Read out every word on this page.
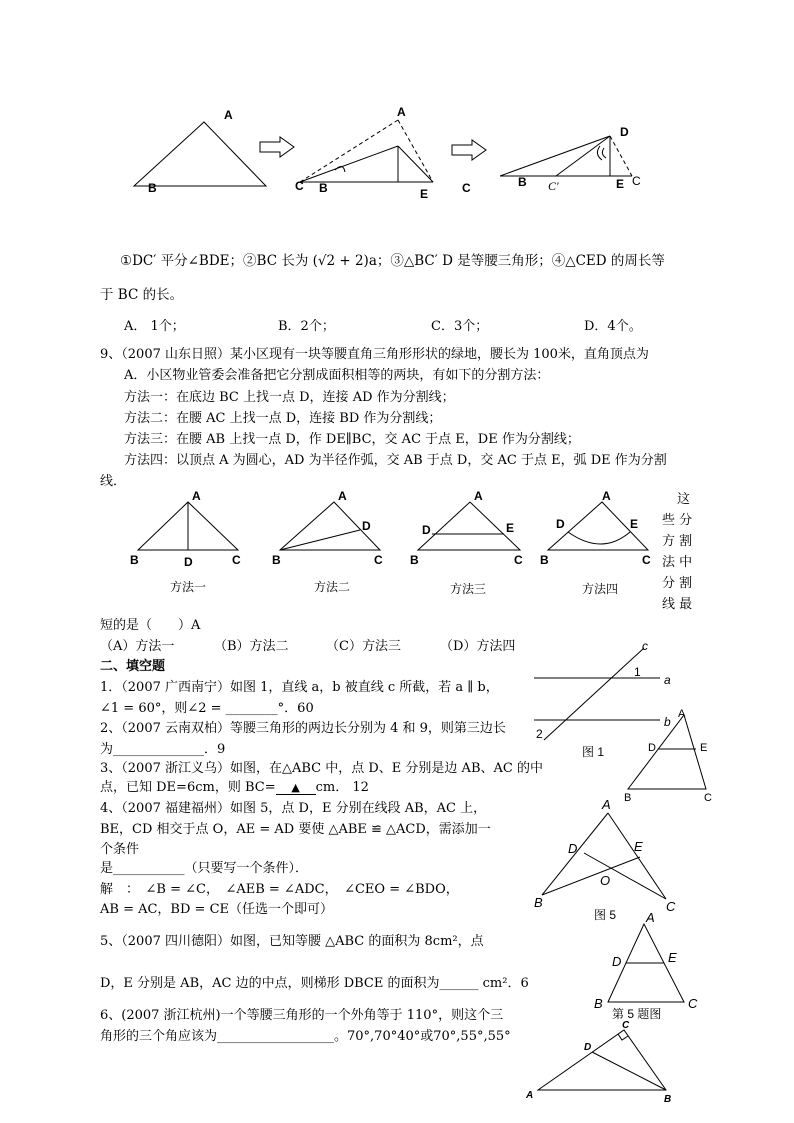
A
B
A
C B	E	C
D
B C′	E C
①DC′ 平分∠BDE；②BC 长为 (√2 + 2)a；③△BC′ D 是等腰三角形；④△CED 的周长等
于 BC 的长。
A． 1个；	B．2个；	C．3个；	D．4个。
9、（2007 山东日照）某小区现有一块等腰直角三角形形状的绿地，腰长为 100米，直角顶点为
A．小区物业管委会准备把它分割成面积相等的两块，有如下的分割方法：
方法一：在底边 BC 上找一点 D，连接 AD 作为分割线；
方法二：在腰 AC 上找一点 D，连接 BD 作为分割线；
方法三：在腰 AB 上找一点 D，作 DE∥BC，交 AC 于点 E，DE 作为分割线；
方法四：以顶点 A 为圆心，AD 为半径作弧，交 AB 于点 D，交 AC 于点 E，弧 DE 作为分割
线．
A
B	D	C
A
D
B	C
A
D	E
B	C
A
D	E
B	C
方法一	方法二	方法三	方法四
这
些 分
方 割
法 中
分 割
线 最
短的是（　　）A
（A）方法一	（B）方法二	（C）方法三	（D）方法四
二、填空题
1．（2007 广西南宁）如图 1，直线 a，b 被直线 c 所截，若 a ∥ b，
∠1 = 60°，则∠2 = ________°．60
2、（2007 云南双柏）等腰三角形的两边长分别为 4 和 9，则第三边长
为______________．9
3、（2007 浙江义乌）如图，在△ABC 中，点 D、E 分别是边 AB、AC 的中
点，已知 DE=6cm，则 BC= ▲ cm． 12
4、（2007 福建福州）如图 5，点 D，E 分别在线段 AB，AC 上，
BE，CD 相交于点 O，AE = AD 要使 △ABE ≌ △ACD，需添加一
个条件
是___________（只要写一个条件）．
解　：　∠B = ∠C，　∠AEB = ∠ADC，　∠CEO = ∠BDO，
AB = AC，BD = CE（任选一个即可）
5、（2007 四川德阳）如图，已知等腰 △ABC 的面积为 8cm²，点
D，E 分别是 AB，AC 边的中点，则梯形 DBCE 的面积为______ cm²．6
6、(2007 浙江杭州)一个等腰三角形的一个外角等于 110°，则这个三
角形的三个角应该为__________________。70°,70°40°或70°,55°,55°
c
a
b
1
2
图 1
A
D	E
B	C
A
D	E
O
B	C
图 5 A
D	E
B	C
第 5 题图
C
D
A	B
